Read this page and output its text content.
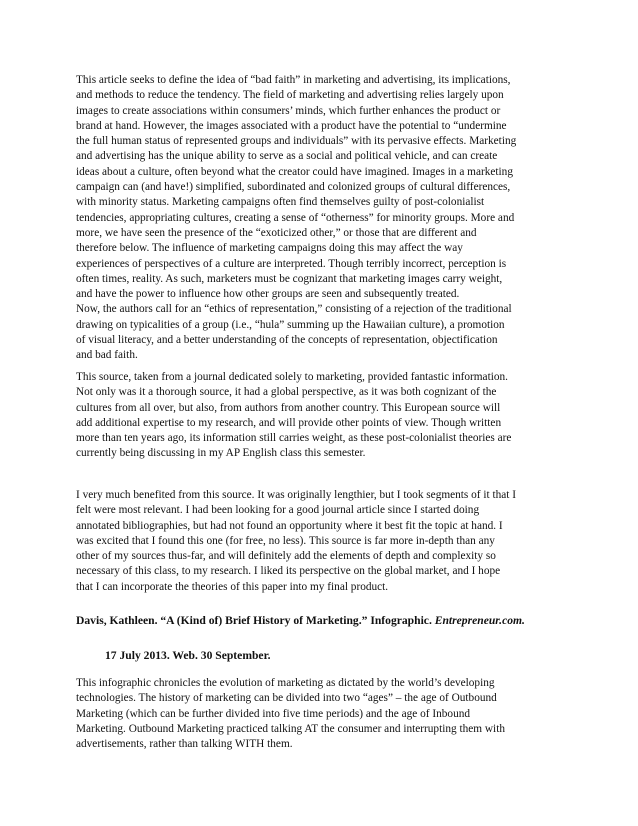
This article seeks to define the idea of “bad faith” in marketing and advertising, its implications,
and methods to reduce the tendency. The field of marketing and advertising relies largely upon
images to create associations within consumers’ minds, which further enhances the product or
brand at hand. However, the images associated with a product have the potential to “undermine
the full human status of represented groups and individuals” with its pervasive effects. Marketing
and advertising has the unique ability to serve as a social and political vehicle, and can create
ideas about a culture, often beyond what the creator could have imagined. Images in a marketing
campaign can (and have!) simplified, subordinated and colonized groups of cultural differences,
with minority status. Marketing campaigns often find themselves guilty of post-colonialist
tendencies, appropriating cultures, creating a sense of “otherness” for minority groups. More and
more, we have seen the presence of the “exoticized other,” or those that are different and
therefore below. The influence of marketing campaigns doing this may affect the way
experiences of perspectives of a culture are interpreted. Though terribly incorrect, perception is
often times, reality. As such, marketers must be cognizant that marketing images carry weight,
and have the power to influence how other groups are seen and subsequently treated.
Now, the authors call for an “ethics of representation,” consisting of a rejection of the traditional
drawing on typicalities of a group (i.e., “hula” summing up the Hawaiian culture), a promotion
of visual literacy, and a better understanding of the concepts of representation, objectification
and bad faith.
This source, taken from a journal dedicated solely to marketing, provided fantastic information.
Not only was it a thorough source, it had a global perspective, as it was both cognizant of the
cultures from all over, but also, from authors from another country. This European source will
add additional expertise to my research, and will provide other points of view. Though written
more than ten years ago, its information still carries weight, as these post-colonialist theories are
currently being discussing in my AP English class this semester.
I very much benefited from this source. It was originally lengthier, but I took segments of it that I
felt were most relevant. I had been looking for a good journal article since I started doing
annotated bibliographies, but had not found an opportunity where it best fit the topic at hand. I
was excited that I found this one (for free, no less). This source is far more in-depth than any
other of my sources thus-far, and will definitely add the elements of depth and complexity so
necessary of this class, to my research. I liked its perspective on the global market, and I hope
that I can incorporate the theories of this paper into my final product.
Davis, Kathleen. “A (Kind of) Brief History of Marketing.” Infographic. Entrepreneur.com.
17 July 2013. Web. 30 September.
This infographic chronicles the evolution of marketing as dictated by the world’s developing
technologies. The history of marketing can be divided into two “ages” – the age of Outbound
Marketing (which can be further divided into five time periods) and the age of Inbound
Marketing. Outbound Marketing practiced talking AT the consumer and interrupting them with
advertisements, rather than talking WITH them.
